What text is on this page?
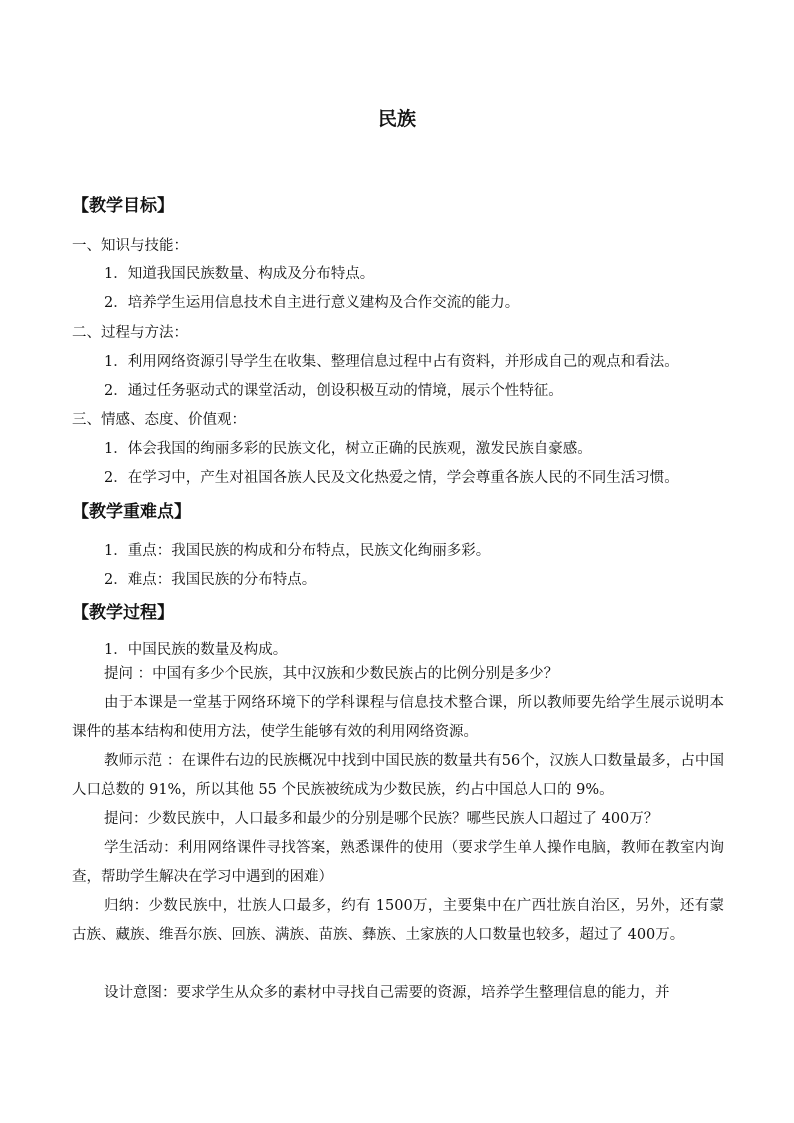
民族
【教学目标】
一、知识与技能：
1．知道我国民族数量、构成及分布特点。
2．培养学生运用信息技术自主进行意义建构及合作交流的能力。
二、过程与方法：
1．利用网络资源引导学生在收集、整理信息过程中占有资料，并形成自己的观点和看法。
2．通过任务驱动式的课堂活动，创设积极互动的情境，展示个性特征。
三、情感、态度、价值观：
1．体会我国的绚丽多彩的民族文化，树立正确的民族观，激发民族自豪感。
2．在学习中，产生对祖国各族人民及文化热爱之情，学会尊重各族人民的不同生活习惯。
【教学重难点】
1．重点：我国民族的构成和分布特点，民族文化绚丽多彩。
2．难点：我国民族的分布特点。
【教学过程】
1．中国民族的数量及构成。
提问 ：中国有多少个民族，其中汉族和少数民族占的比例分别是多少？
由于本课是一堂基于网络环境下的学科课程与信息技术整合课，所以教师要先给学生展示说明本课件的基本结构和使用方法，使学生能够有效的利用网络资源。
教师示范 ：在课件右边的民族概况中找到中国民族的数量共有56个，汉族人口数量最多，占中国人口总数的 91%，所以其他 55 个民族被统成为少数民族，约占中国总人口的 9%。
提问：少数民族中，人口最多和最少的分别是哪个民族？哪些民族人口超过了 400万？
学生活动：利用网络课件寻找答案，熟悉课件的使用（要求学生单人操作电脑，教师在教室内询查，帮助学生解决在学习中遇到的困难）
归纳：少数民族中，壮族人口最多，约有 1500万，主要集中在广西壮族自治区，另外，还有蒙古族、藏族、维吾尔族、回族、满族、苗族、彝族、土家族的人口数量也较多，超过了 400万。
设计意图：要求学生从众多的素材中寻找自己需要的资源，培养学生整理信息的能力，并
